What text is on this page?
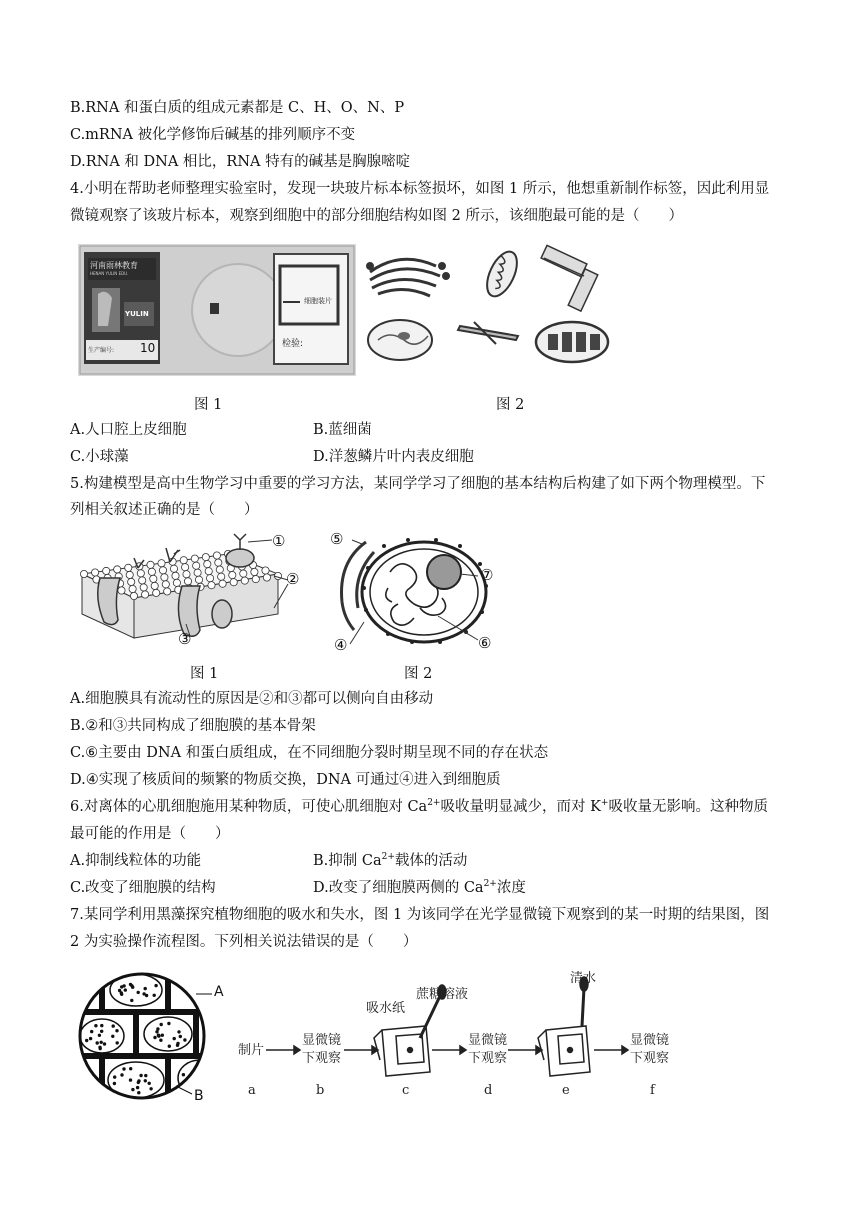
B.RNA 和蛋白质的组成元素都是 C、H、O、N、P
C.mRNA 被化学修饰后碱基的排列顺序不变
D.RNA 和 DNA 相比，RNA 特有的碱基是胸腺嘧啶
4.小明在帮助老师整理实验室时，发现一块玻片标本标签损坏，如图 1 所示，他想重新制作标签，因此利用显
微镜观察了该玻片标本，观察到细胞中的部分细胞结构如图 2 所示，该细胞最可能的是（　　）
河南雨林教育
HENAN YULIN EDU.
YULIN
生产编号: 10
细胞装片
检验:
图 1	图 2
A.人口腔上皮细胞	B.蓝细菌
C.小球藻	D.洋葱鳞片叶内表皮细胞
5.构建模型是高中生物学习中重要的学习方法，某同学学习了细胞的基本结构后构建了如下两个物理模型。下
列相关叙述正确的是（　　）
①
②
③
⑤
⑦
④	⑥
图 1	图 2
A.细胞膜具有流动性的原因是②和③都可以侧向自由移动
B.②和③共同构成了细胞膜的基本骨架
C.⑥主要由 DNA 和蛋白质组成，在不同细胞分裂时期呈现不同的存在状态
D.④实现了核质间的频繁的物质交换，DNA 可通过④进入到细胞质
6.对离体的心肌细胞施用某种物质，可使心肌细胞对 $Ca^{2+}$吸收量明显减少，而对 K+吸收量无影响。这种物质
最可能的作用是（　　）
A.抑制线粒体的功能	B.抑制 $Ca^{2+}$载体的活动
C.改变了细胞膜的结构	D.改变了细胞膜两侧的 $Ca^{2+}$浓度
7.某同学利用黑藻探究植物细胞的吸水和失水，图 1 为该同学在光学显微镜下观察到的某一时期的结果图，图
2 为实验操作流程图。下列相关说法错误的是（　　）
A
B
制片
显微镜
下观察
显微镜
下观察
显微镜
下观察
吸水纸
蔗糖溶液
清水
a	b	c	d	e	f
